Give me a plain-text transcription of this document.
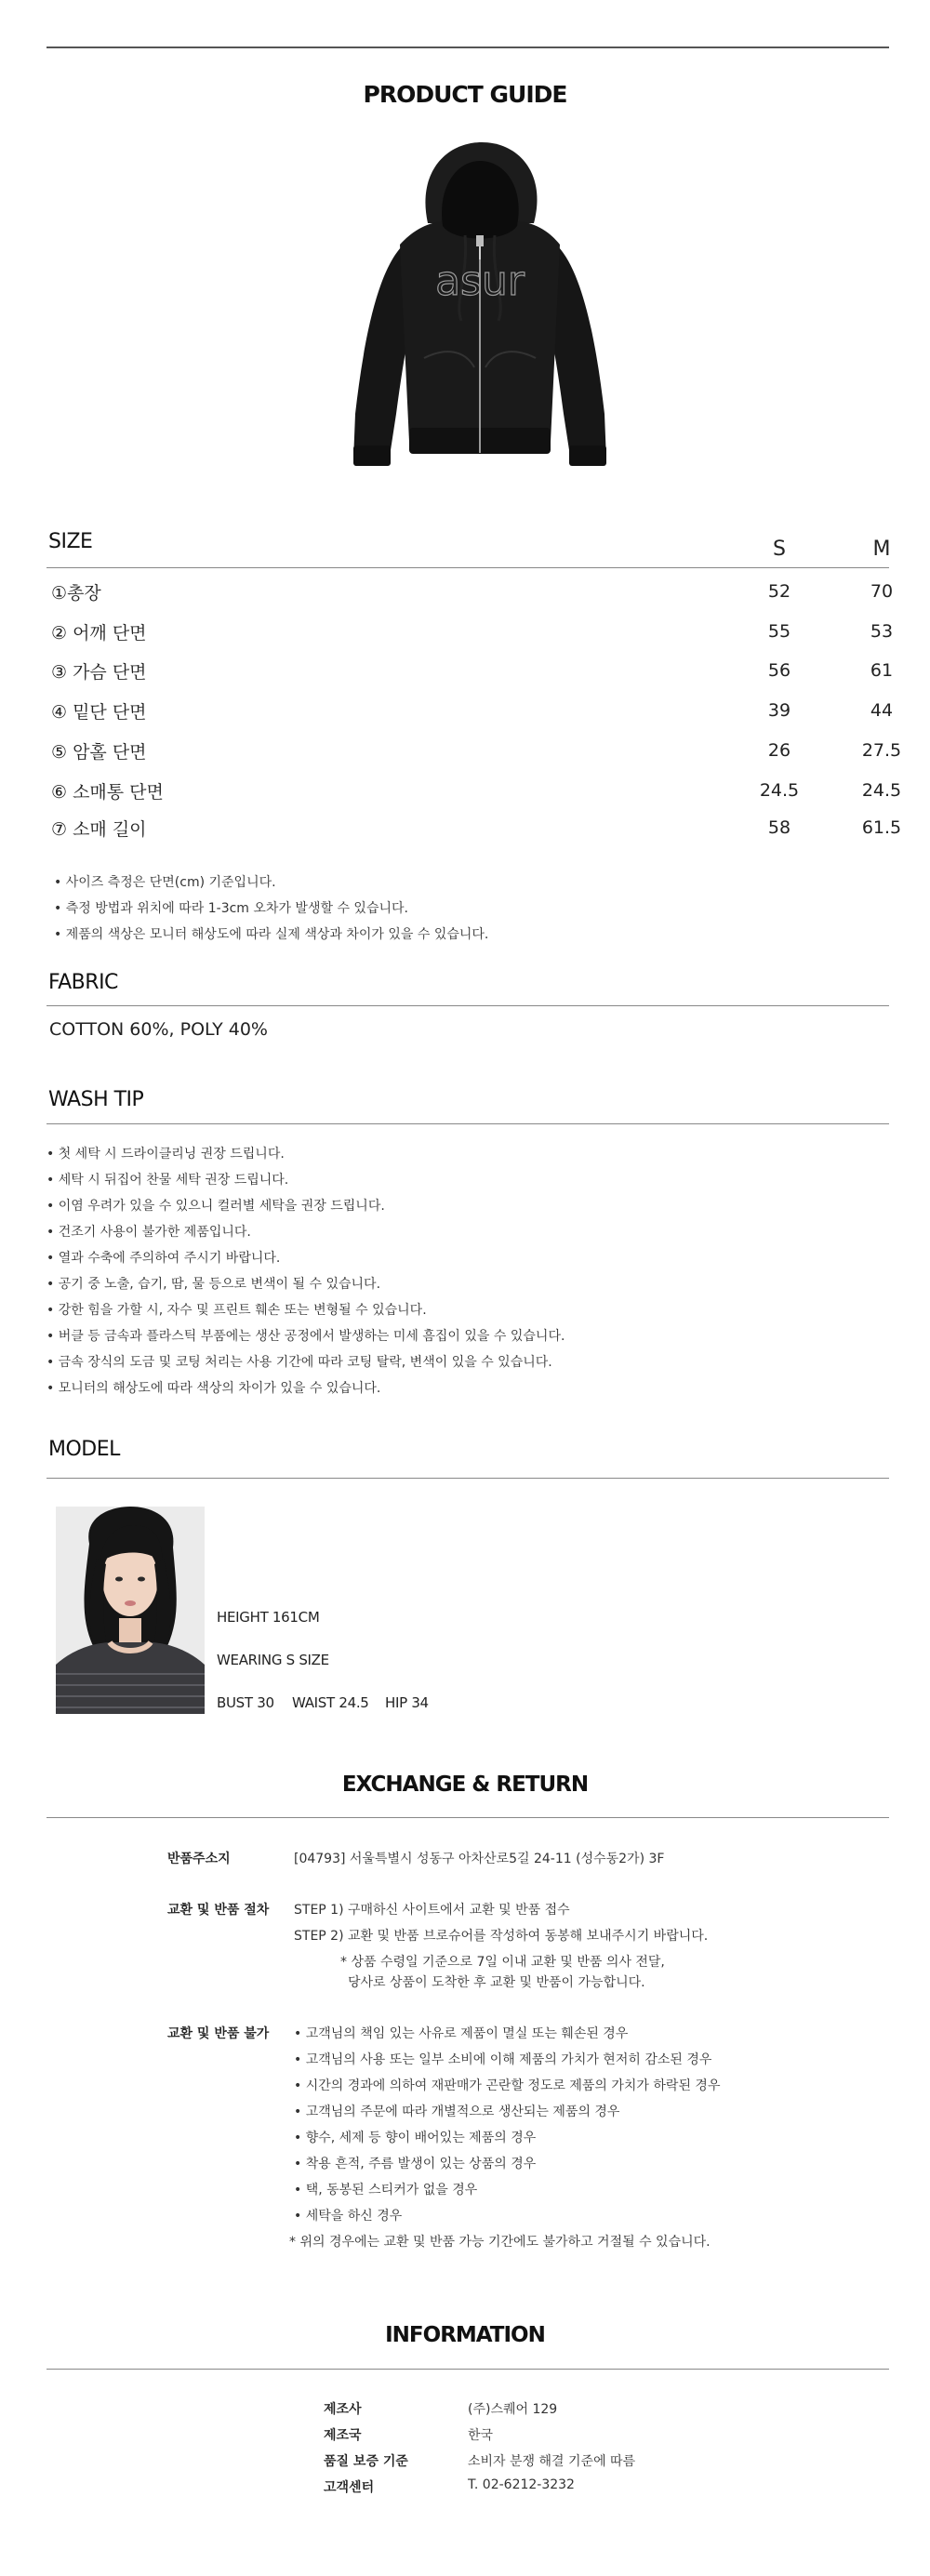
PRODUCT GUIDE
asur
SIZE	S	M
①총장	52	70
② 어깨 단면	55	53
③ 가슴 단면	56	61
④ 밑단 단면	39	44
⑤ 암홀 단면	26	27.5
⑥ 소매통 단면	24.5	24.5
⑦ 소매 길이	58	61.5
• 사이즈 측정은 단면(cm) 기준입니다.
• 측정 방법과 위치에 따라 1-3cm 오차가 발생할 수 있습니다.
• 제품의 색상은 모니터 해상도에 따라 실제 색상과 차이가 있을 수 있습니다.
FABRIC
COTTON 60%, POLY 40%
WASH TIP
• 첫 세탁 시 드라이클리닝 권장 드립니다.
• 세탁 시 뒤집어 찬물 세탁 권장 드립니다.
• 이염 우려가 있을 수 있으니 컬러별 세탁을 권장 드립니다.
• 건조기 사용이 불가한 제품입니다.
• 열과 수축에 주의하여 주시기 바랍니다.
• 공기 중 노출, 습기, 땀, 물 등으로 변색이 될 수 있습니다.
• 강한 힘을 가할 시, 자수 및 프린트 훼손 또는 변형될 수 있습니다.
• 버클 등 금속과 플라스틱 부품에는 생산 공정에서 발생하는 미세 흠집이 있을 수 있습니다.
• 금속 장식의 도금 및 코팅 처리는 사용 기간에 따라 코팅 탈락, 변색이 있을 수 있습니다.
• 모니터의 해상도에 따라 색상의 차이가 있을 수 있습니다.
MODEL
HEIGHT 161CM
WEARING S SIZE
BUST 30 WAIST 24.5 HIP 34
EXCHANGE & RETURN
반품주소지	[04793] 서울특별시 성동구 아차산로5길 24-11 (성수동2가) 3F
교환 및 반품 절차 STEP 1) 구매하신 사이트에서 교환 및 반품 접수
STEP 2) 교환 및 반품 브로슈어를 작성하여 동봉해 보내주시기 바랍니다.
* 상품 수령일 기준으로 7일 이내 교환 및 반품 의사 전달,
당사로 상품이 도착한 후 교환 및 반품이 가능합니다.
교환 및 반품 불가 • 고객님의 책임 있는 사유로 제품이 멸실 또는 훼손된 경우
• 고객님의 사용 또는 일부 소비에 이해 제품의 가치가 현저히 감소된 경우
• 시간의 경과에 의하여 재판매가 곤란할 정도로 제품의 가치가 하락된 경우
• 고객님의 주문에 따라 개별적으로 생산되는 제품의 경우
• 향수, 세제 등 향이 배어있는 제품의 경우
• 착용 흔적, 주름 발생이 있는 상품의 경우
• 택, 동봉된 스티커가 없을 경우
• 세탁을 하신 경우
* 위의 경우에는 교환 및 반품 가능 기간에도 불가하고 거절될 수 있습니다.
INFORMATION
제조사	(주)스퀘어 129
제조국	한국
품질 보증 기준	소비자 분쟁 해결 기준에 따름
고객센터	T. 02-6212-3232
